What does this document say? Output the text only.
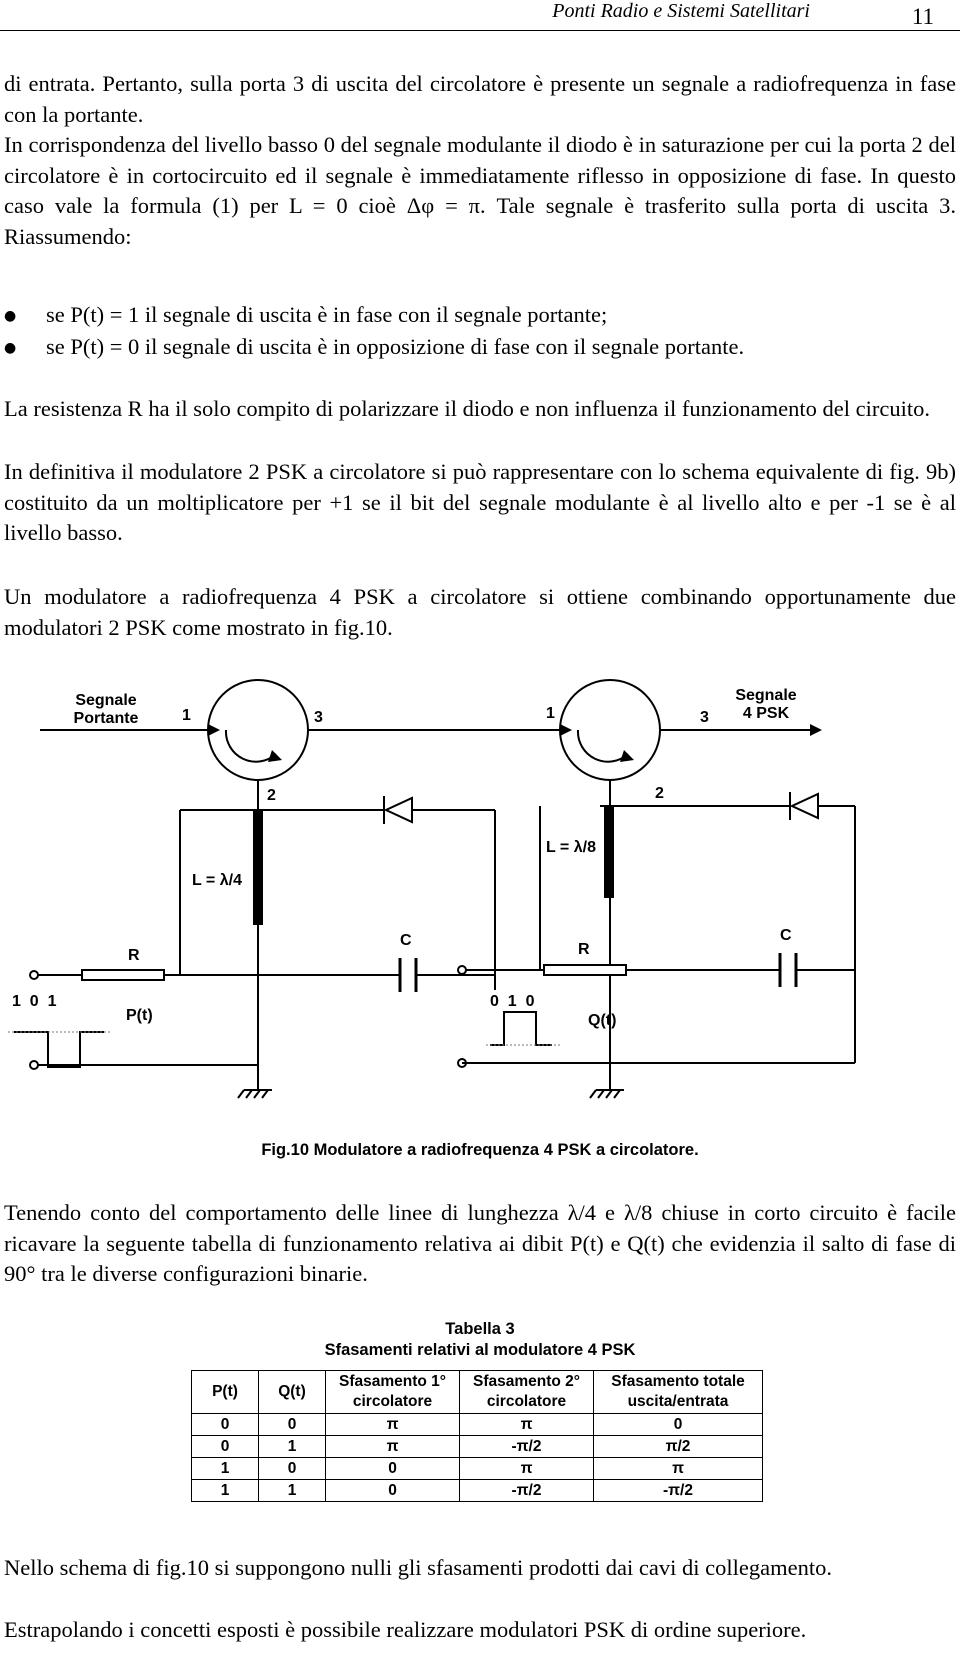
Ponti Radio e Sistemi Satellitari	11

di entrata. Pertanto, sulla porta 3 di uscita del circolatore è presente un segnale a radiofrequenza in fase con la portante.

In corrispondenza del livello basso 0 del segnale modulante il diodo è in saturazione per cui la porta 2 del circolatore è in cortocircuito ed il segnale è immediatamente riflesso in opposizione di fase. In questo caso vale la formula (1) per L = 0 cioè Δφ = π. Tale segnale è trasferito sulla porta di uscita 3. Riassumendo:

● se P(t) = 1 il segnale di uscita è in fase con il segnale portante;
● se P(t) = 0 il segnale di uscita è in opposizione di fase con il segnale portante.

La resistenza R ha il solo compito di polarizzare il diodo e non influenza il funzionamento del circuito.

In definitiva il modulatore 2 PSK a circolatore si può rappresentare con lo schema equivalente di fig. 9b) costituito da un moltiplicatore per +1 se il bit del segnale modulante è al livello alto e per -1 se è al livello basso.

Un modulatore a radiofrequenza 4 PSK a circolatore si ottiene combinando opportunamente due modulatori 2 PSK come mostrato in fig.10.

Segnale
Portante
Segnale
4 PSK
1	3
2
1	3
2
L = λ/4
L = λ/8
R
C
R
C
1  0  1
P(t)
0  1  0
Q(t)
Fig.10 Modulatore a radiofrequenza 4 PSK a circolatore.

Tenendo conto del comportamento delle linee di lunghezza λ/4 e λ/8 chiuse in corto circuito è facile ricavare la seguente tabella di funzionamento relativa ai dibit P(t) e Q(t) che evidenzia il salto di fase di 90° tra le diverse configurazioni binarie.

Tabella 3
Sfasamenti relativi al modulatore 4 PSK
P(t)	Q(t)	Sfasamento 1° circolatore	Sfasamento 2° circolatore	Sfasamento totale uscita/entrata
0	0	π	π	0
0	1	π	-π/2	π/2
1	0	0	π	π
1	1	0	-π/2	-π/2

Nello schema di fig.10 si suppongono nulli gli sfasamenti prodotti dai cavi di collegamento.

Estrapolando i concetti esposti è possibile realizzare modulatori PSK di ordine superiore.
